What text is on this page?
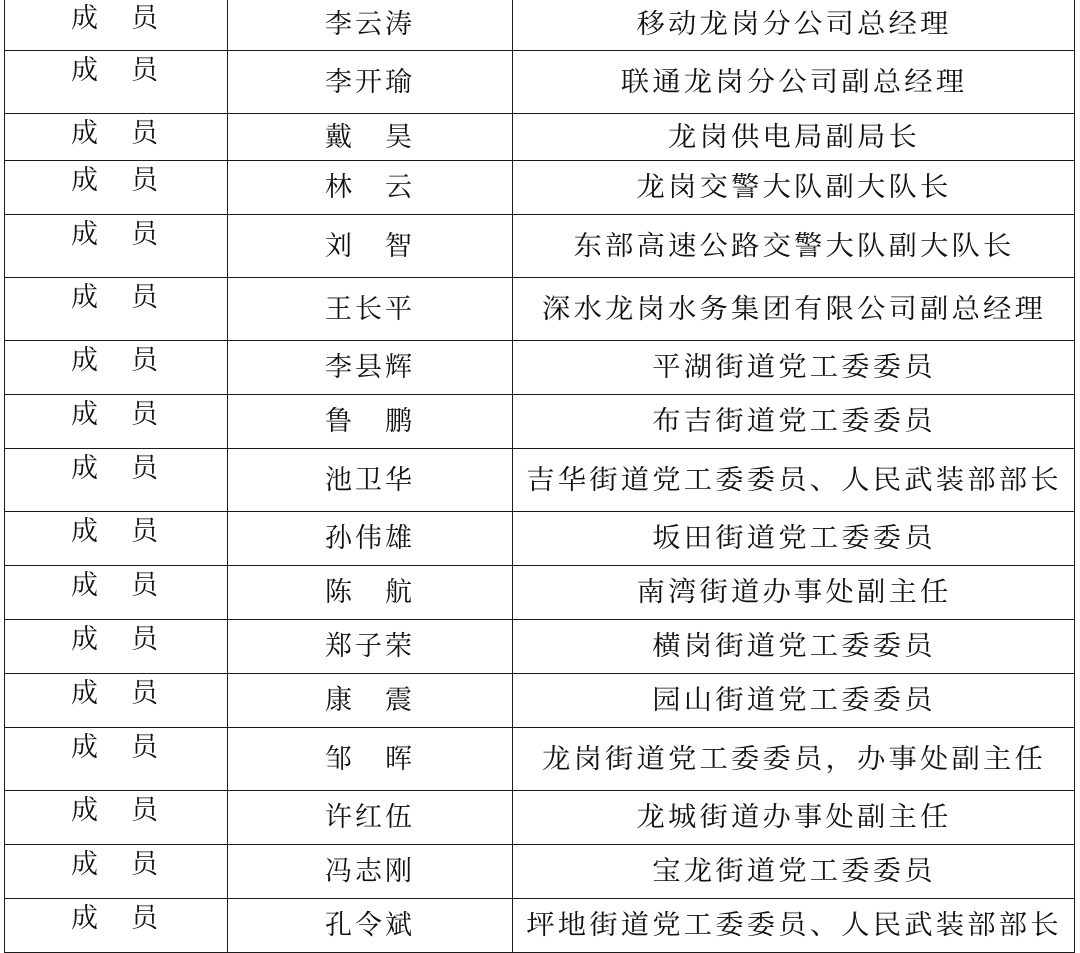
成　员	李云涛	移动龙岗分公司总经理
成　员	李开瑜	联通龙岗分公司副总经理
成　员	戴　昊	龙岗供电局副局长
成　员	林　云	龙岗交警大队副大队长
成　员	刘　智	东部高速公路交警大队副大队长
成　员	王长平	深水龙岗水务集团有限公司副总经理
成　员	李县辉	平湖街道党工委委员
成　员	鲁　鹏	布吉街道党工委委员
成　员	池卫华	吉华街道党工委委员、人民武装部部长
成　员	孙伟雄	坂田街道党工委委员
成　员	陈　航	南湾街道办事处副主任
成　员	郑子荣	横岗街道党工委委员
成　员	康　震	园山街道党工委委员
成　员	邹　晖	龙岗街道党工委委员，办事处副主任
成　员	许红伍	龙城街道办事处副主任
成　员	冯志刚	宝龙街道党工委委员
成　员	孔令斌	坪地街道党工委委员、人民武装部部长
